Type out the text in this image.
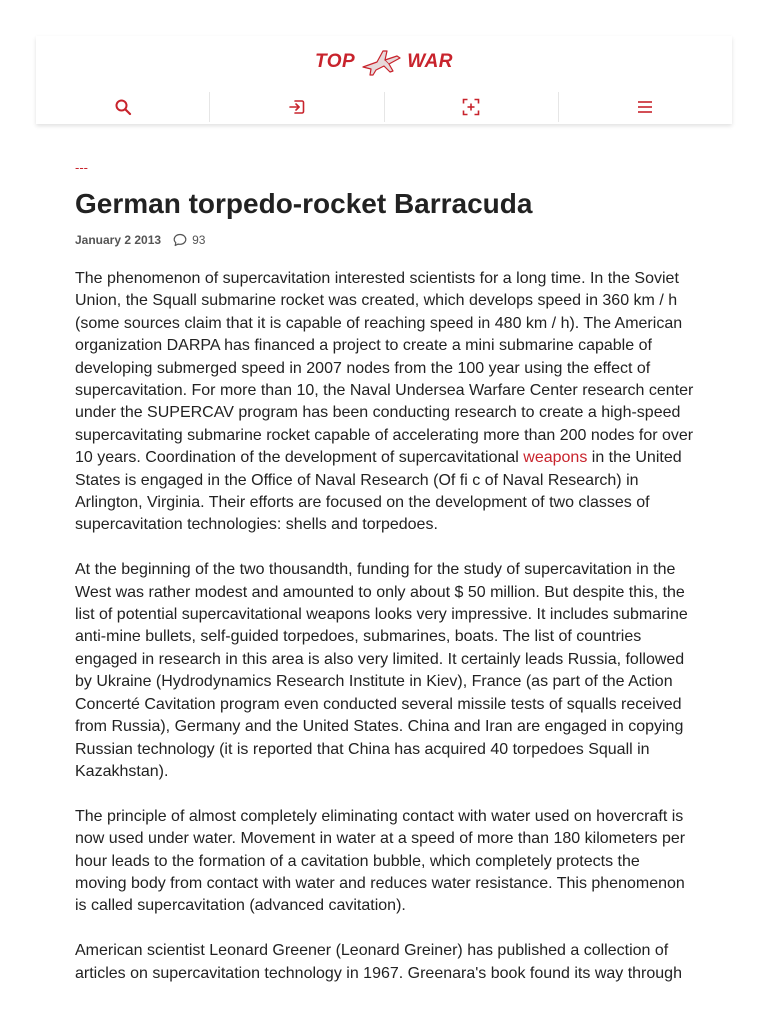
TOP	WAR
---
German torpedo-rocket Barracuda
January 2 2013	93

The phenomenon of supercavitation interested scientists for a long time. In the Soviet Union, the Squall submarine rocket was created, which develops speed in 360 km / h (some sources claim that it is capable of reaching speed in 480 km / h). The American organization DARPA has financed a project to create a mini submarine capable of developing submerged speed in 2007 nodes from the 100 year using the effect of supercavitation. For more than 10, the Naval Undersea Warfare Center research center under the SUPERCAV program has been conducting research to create a high-speed supercavitating submarine rocket capable of accelerating more than 200 nodes for over 10 years. Coordination of the development of supercavitational weapons in the United States is engaged in the Office of Naval Research (Of fi c of Naval Research) in Arlington, Virginia. Their efforts are focused on the development of two classes of supercavitation technologies: shells and torpedoes.

At the beginning of the two thousandth, funding for the study of supercavitation in the West was rather modest and amounted to only about $ 50 million. But despite this, the list of potential supercavitational weapons looks very impressive. It includes submarine anti-mine bullets, self-guided torpedoes, submarines, boats. The list of countries engaged in research in this area is also very limited. It certainly leads Russia, followed by Ukraine (Hydrodynamics Research Institute in Kiev), France (as part of the Action Concerté Cavitation program even conducted several missile tests of squalls received from Russia), Germany and the United States. China and Iran are engaged in copying Russian technology (it is reported that China has acquired 40 torpedoes Squall in Kazakhstan).

The principle of almost completely eliminating contact with water used on hovercraft is now used under water. Movement in water at a speed of more than 180 kilometers per hour leads to the formation of a cavitation bubble, which completely protects the moving body from contact with water and reduces water resistance. This phenomenon is called supercavitation (advanced cavitation).

American scientist Leonard Greener (Leonard Greiner) has published a collection of articles on supercavitation technology in 1967. Greenara's book found its way through
